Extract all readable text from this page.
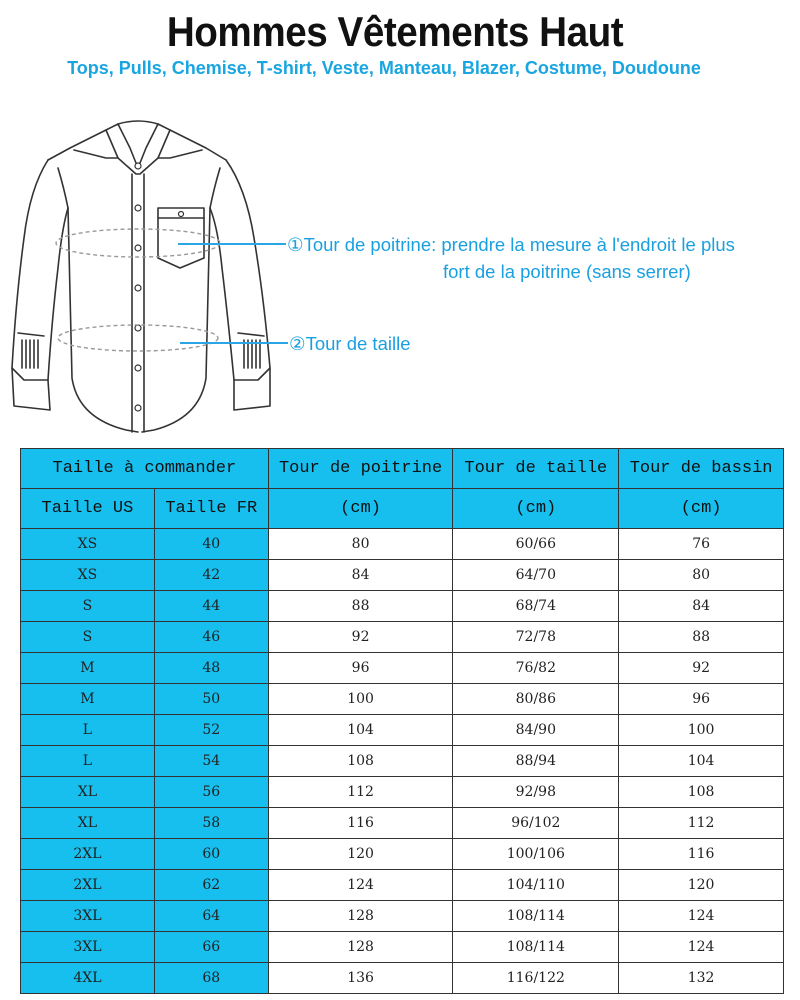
Hommes Vêtements Haut
Tops, Pulls, Chemise, T-shirt, Veste, Manteau, Blazer, Costume, Doudoune
①Tour de poitrine: prendre la mesure à l'endroit le plus
fort de la poitrine (sans serrer)
②Tour de taille
Taille à commander		Tour de poitrine	Tour de taille	Tour de bassin
Taille US	Taille FR	(cm)	(cm)	(cm)
XS	40	80	60/66	76
XS	42	84	64/70	80
S	44	88	68/74	84
S	46	92	72/78	88
M	48	96	76/82	92
M	50	100	80/86	96
L	52	104	84/90	100
L	54	108	88/94	104
XL	56	112	92/98	108
XL	58	116	96/102	112
2XL	60	120	100/106	116
2XL	62	124	104/110	120
3XL	64	128	108/114	124
3XL	66	128	108/114	124
4XL	68	136	116/122	132
